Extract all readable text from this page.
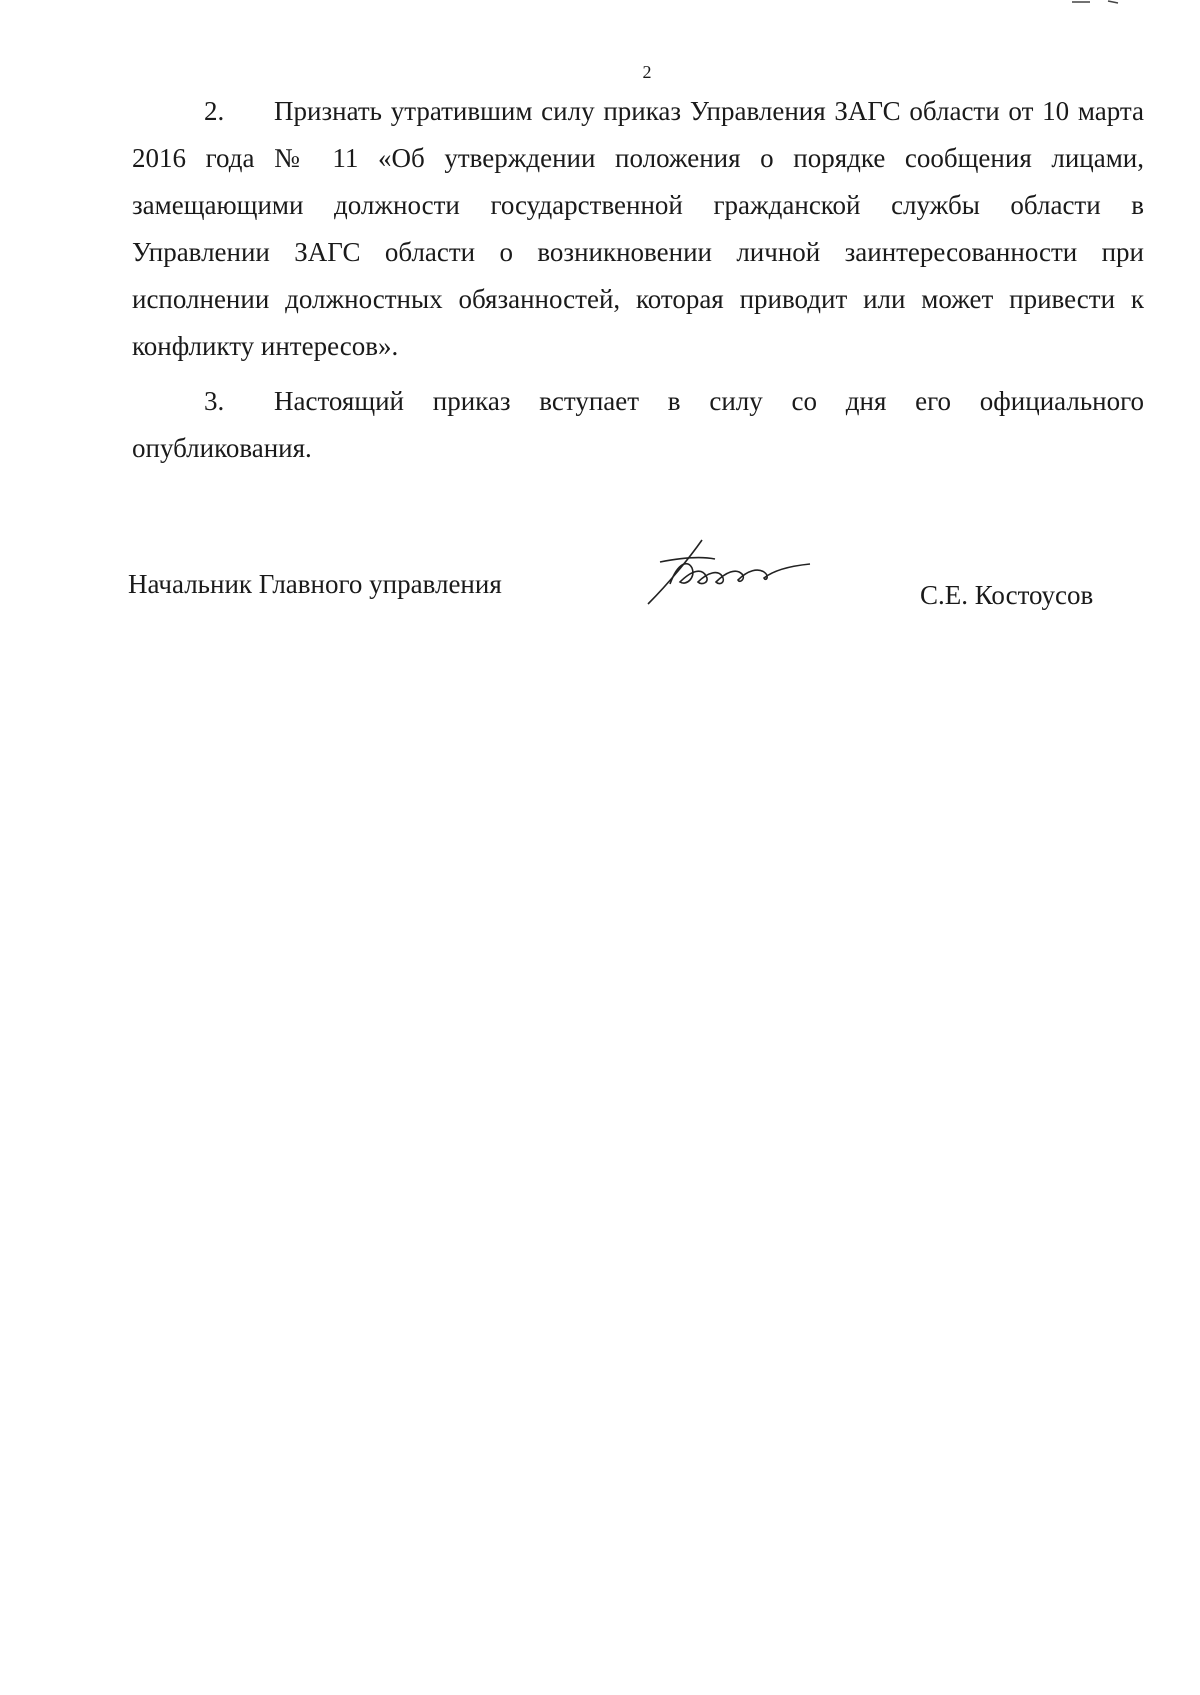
2

2. Признать утратившим силу приказ Управления ЗАГС области от 10 марта 2016 года № 11 «Об утверждении положения о порядке сообщения лицами, замещающими должности государственной гражданской службы области в Управлении ЗАГС области о возникновении личной заинтересованности при исполнении должностных обязанностей, которая приводит или может привести к конфликту интересов».

3. Настоящий приказ вступает в силу со дня его официального опубликования.

Начальник Главного управления	С.Е. Костоусов
